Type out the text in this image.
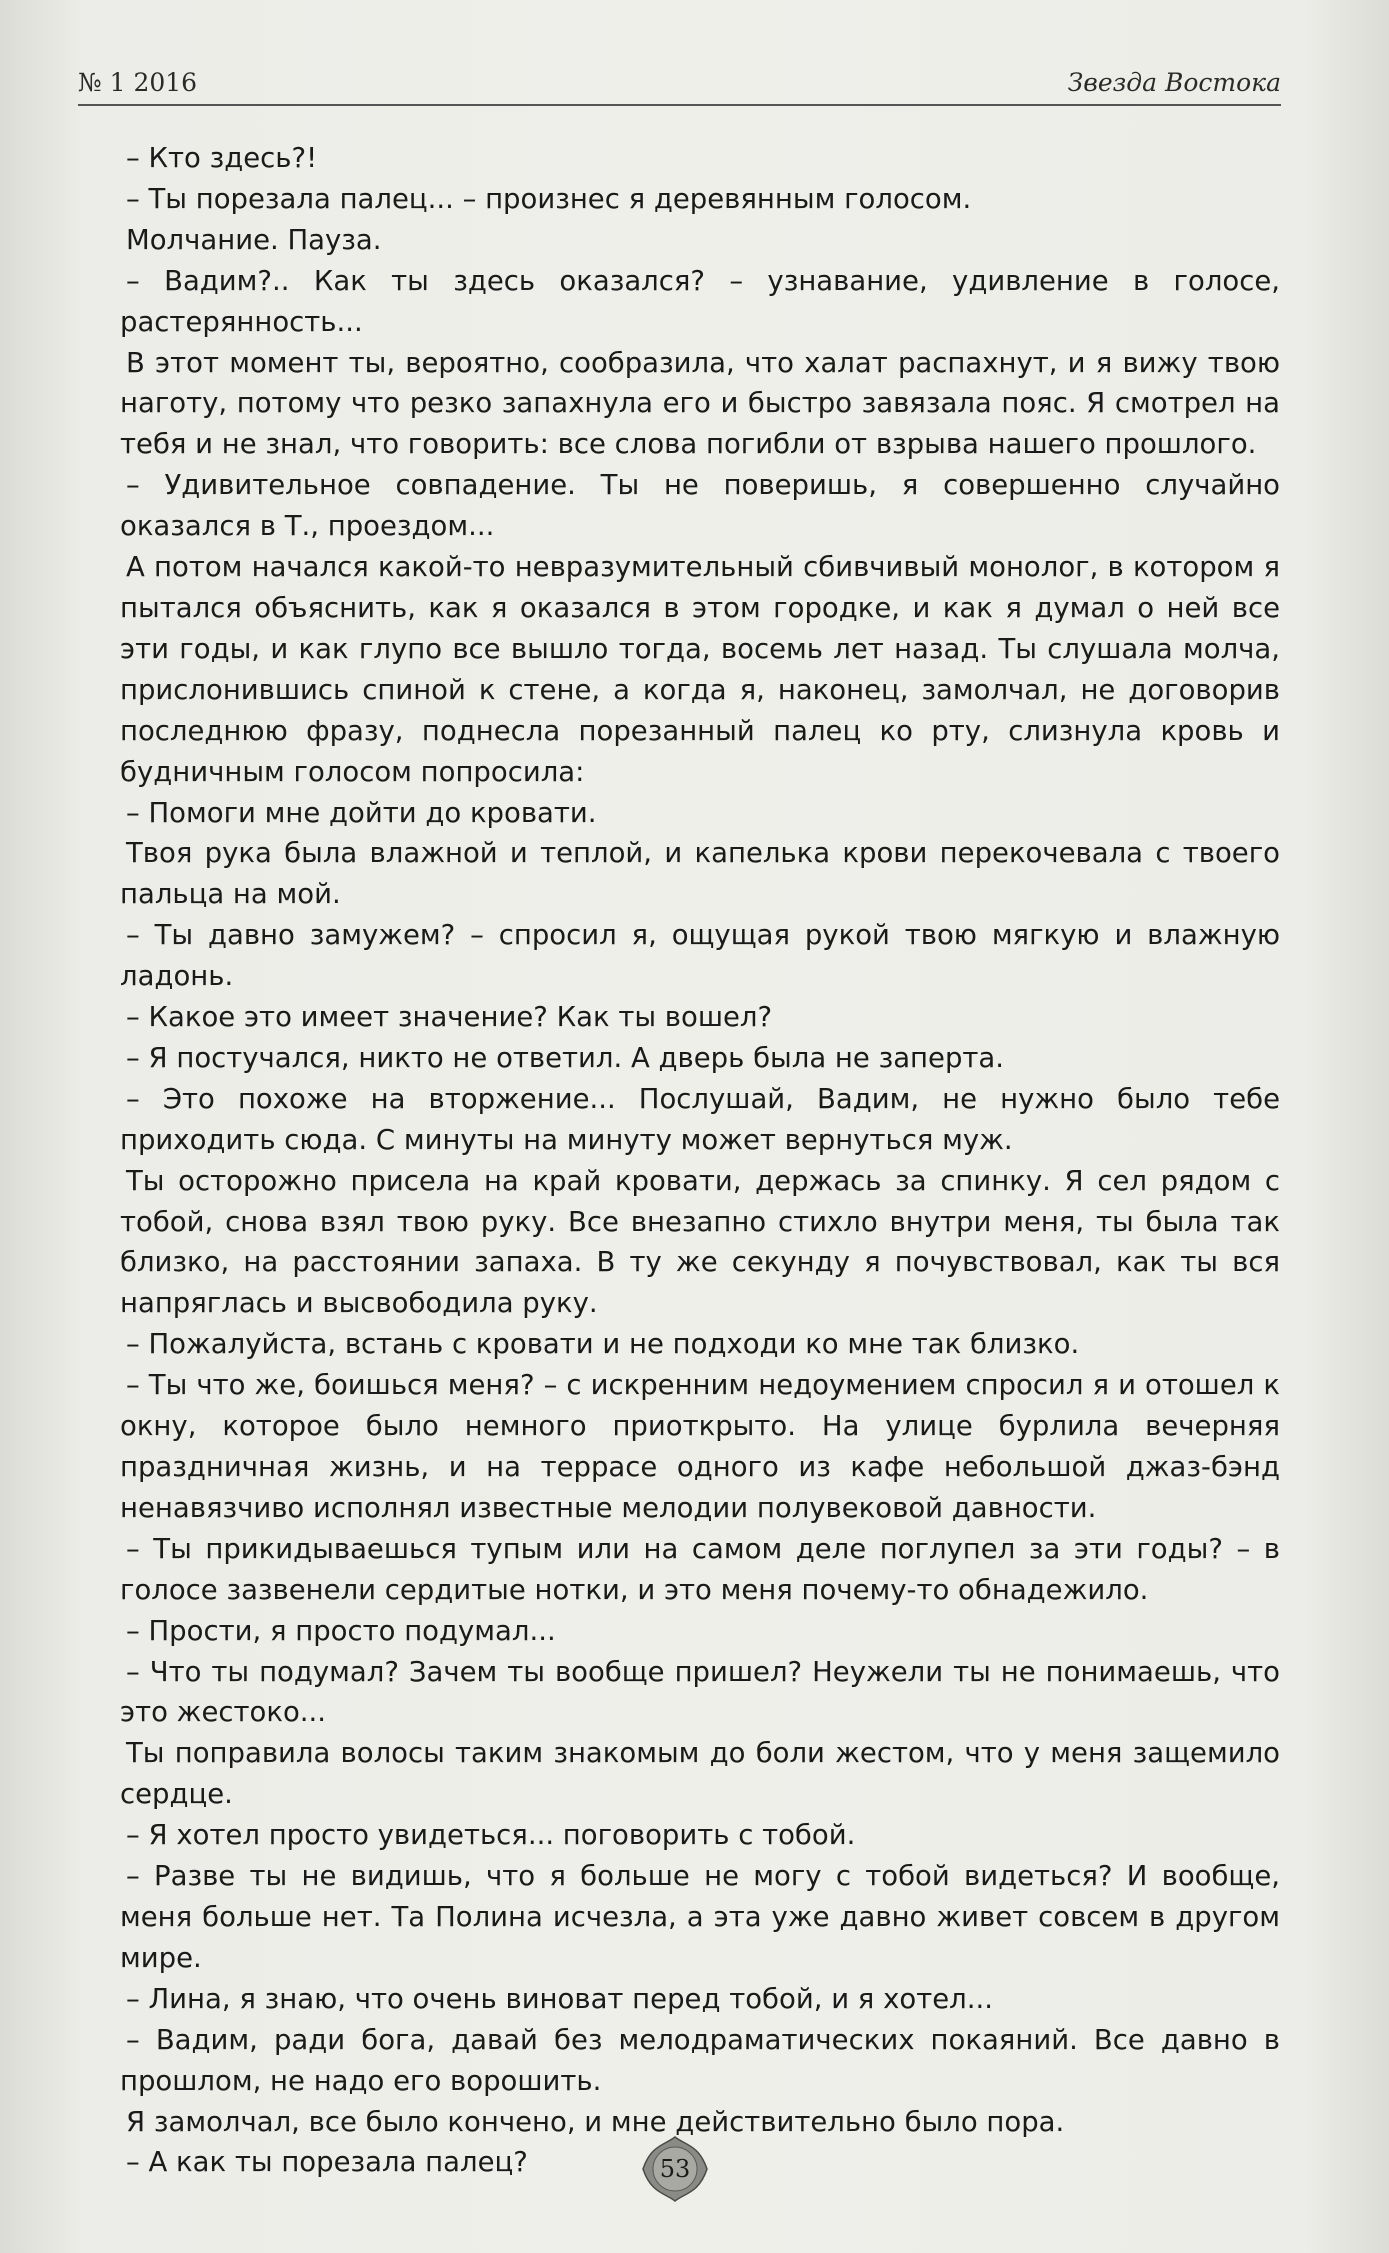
№ 1 2016	Звезда Востока

– Кто здесь?!

– Ты порезала палец... – произнес я деревянным голосом.

Молчание. Пауза.

– Вадим?.. Как ты здесь оказался? – узнавание, удивление в голосе, растерянность...

В этот момент ты, вероятно, сообразила, что халат распахнут, и я вижу твою наготу, потому что резко запахнула его и быстро завязала пояс. Я смотрел на тебя и не знал, что говорить: все слова погибли от взрыва нашего прошлого.

– Удивительное совпадение. Ты не поверишь, я совершенно случайно оказался в Т., проездом...

А потом начался какой-то невразумительный сбивчивый монолог, в котором я пытался объяснить, как я оказался в этом городке, и как я думал о ней все эти годы, и как глупо все вышло тогда, восемь лет назад. Ты слушала молча, прислонившись спиной к стене, а когда я, наконец, замолчал, не договорив последнюю фразу, поднесла порезанный палец ко рту, слизнула кровь и будничным голосом попросила:

– Помоги мне дойти до кровати.

Твоя рука была влажной и теплой, и капелька крови перекочевала с твоего пальца на мой.

– Ты давно замужем? – спросил я, ощущая рукой твою мягкую и влажную ладонь.

– Какое это имеет значение? Как ты вошел?

– Я постучался, никто не ответил. А дверь была не заперта.

– Это похоже на вторжение... Послушай, Вадим, не нужно было тебе приходить сюда. С минуты на минуту может вернуться муж.

Ты осторожно присела на край кровати, держась за спинку. Я сел рядом с тобой, снова взял твою руку. Все внезапно стихло внутри меня, ты была так близко, на расстоянии запаха. В ту же секунду я почувствовал, как ты вся напряглась и высвободила руку.

– Пожалуйста, встань с кровати и не подходи ко мне так близко.

– Ты что же, боишься меня? – с искренним недоумением спросил я и отошел к окну, которое было немного приоткрыто. На улице бурлила вечерняя праздничная жизнь, и на террасе одного из кафе небольшой джаз-бэнд ненавязчиво исполнял известные мелодии полувековой давности.

– Ты прикидываешься тупым или на самом деле поглупел за эти годы? – в голосе зазвенели сердитые нотки, и это меня почему-то обнадежило.

– Прости, я просто подумал...

– Что ты подумал? Зачем ты вообще пришел? Неужели ты не понимаешь, что это жестоко...

Ты поправила волосы таким знакомым до боли жестом, что у меня защемило сердце.

– Я хотел просто увидеться... поговорить с тобой.

– Разве ты не видишь, что я больше не могу с тобой видеться? И вообще, меня больше нет. Та Полина исчезла, а эта уже давно живет совсем в другом мире.

– Лина, я знаю, что очень виноват перед тобой, и я хотел...

– Вадим, ради бога, давай без мелодраматических покаяний. Все давно в прошлом, не надо его ворошить.

Я замолчал, все было кончено, и мне действительно было пора.

– А как ты порезала палец?	53
